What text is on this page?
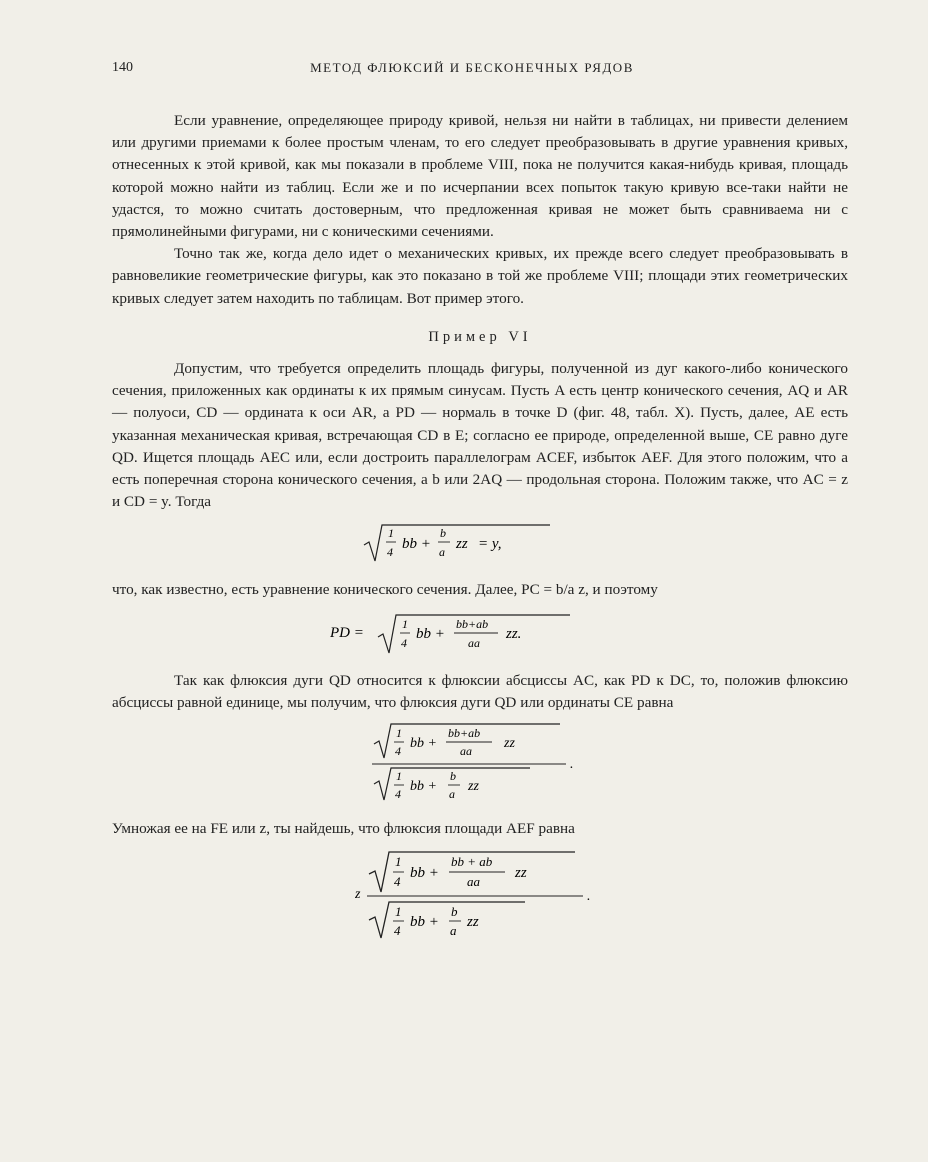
140	МЕТОД ФЛЮКСИЙ И БЕСКОНЕЧНЫХ РЯДОВ

Если уравнение, определяющее природу кривой, нельзя ни найти в таблицах, ни привести делением или другими приемами к более простым членам, то его следует преобразовывать в другие уравнения кривых, отнесенных к этой кривой, как мы показали в проблеме VIII, пока не получится какая-нибудь кривая, площадь которой можно найти из таблиц. Если же и по исчерпании всех попыток такую кривую все-таки найти не удастся, то можно считать достоверным, что предложенная кривая не может быть сравниваема ни с прямолинейными фигурами, ни с коническими сечениями.

Точно так же, когда дело идет о механических кривых, их прежде всего следует преобразовывать в равновеликие геометрические фигуры, как это показано в той же проблеме VIII; площади этих геометрических кривых следует затем находить по таблицам. Вот пример этого.

Пример VI

Допустим, что требуется определить площадь фигуры, полученной из дуг какого-либо конического сечения, приложенных как ординаты к их прямым синусам. Пусть A есть центр конического сечения, AQ и AR — полуоси, CD — ордината к оси AR, а PD — нормаль в точке D (фиг. 48, табл. X). Пусть, далее, AE есть указанная механическая кривая, встречающая CD в E; согласно ее природе, определенной выше, CE равно дуге QD. Ищется площадь AEC или, если достроить параллелограм ACEF, избыток AEF. Для этого положим, что a есть поперечная сторона конического сечения, а b или 2AQ — продольная сторона. Положим также, что AC = z и CD = y. Тогда

1
4 bb +
b
a zz = y,

что, как известно, есть уравнение конического сечения. Далее, PC = b/a z, и поэтому

PD =
1
4
bb +
bb+ab
aa
zz.

Так как флюксия дуги QD относится к флюксии абсциссы AC, как PD к DC, то, положив флюксию абсциссы равной единице, мы получим, что флюксия дуги QD или ординаты CE равна

1
4 bb +
bb+ab
aa zz
1
4 bb +
b
a zz
.

Умножая ее на FE или z, ты найдешь, что флюксия площади AEF равна

z
1
4
bb +
bb + ab
aa
zz
1
4
bb +
b
a
zz
.
